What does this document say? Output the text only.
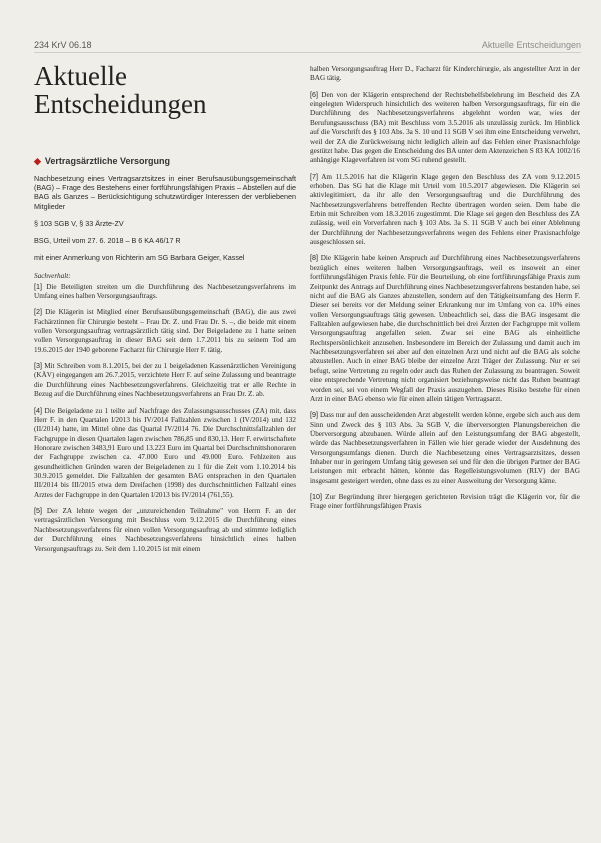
234 KrV 06.18	Aktuelle Entscheidungen
Aktuelle
Entscheidungen
◆ Vertragsärztliche Versorgung

Nachbesetzung eines Vertragsarztsitzes in einer Berufsausübungsgemeinschaft (BAG) – Frage des Bestehens einer fortführungsfähigen Praxis – Abstellen auf die BAG als Ganzes – Berücksichtigung schutzwürdiger Interessen der verbliebenen Mitglieder

§ 103 SGB V, § 33 Ärzte-ZV

BSG, Urteil vom 27. 6. 2018 – B 6 KA 46/17 R

mit einer Anmerkung von Richterin am SG Barbara Geiger, Kassel

Sachverhalt:

[1] Die Beteiligten streiten um die Durchführung des Nachbesetzungsverfahrens im Umfang eines halben Versorgungsauftrags.

[2] Die Klägerin ist Mitglied einer Berufsausübungsgemeinschaft (BAG), die aus zwei Fachärztinnen für Chirurgie besteht – Frau Dr. Z. und Frau Dr. S. –, die beide mit einem vollen Versorgungsauftrag vertragsärztlich tätig sind. Der Beigeladene zu 1 hatte seinen vollen Versorgungsauftrag in dieser BAG seit dem 1.7.2011 bis zu seinem Tod am 19.6.2015 der 1940 geborene Facharzt für Chirurgie Herr F. tätig.

[3] Mit Schreiben vom 8.1.2015, bei der zu 1 beigeladenen Kassenärztlichen Vereinigung (KÄV) eingegangen am 26.7.2015, verzichtete Herr F. auf seine Zulassung und beantragte die Durchführung eines Nachbesetzungsverfahrens. Gleichzeitig trat er alle Rechte in Bezug auf die Durchführung eines Nachbesetzungsverfahrens an Frau Dr. Z. ab.

[4] Die Beigeladene zu 1 teilte auf Nachfrage des Zulassungsausschusses (ZA) mit, dass Herr F. in den Quartalen I/2013 bis IV/2014 Fallzahlen zwischen 1 (IV/2014) und 132 (II/2014) hatte, im Mittel ohne das Quartal IV/2014 76. Die Durchschnittsfallzahlen der Fachgruppe in diesen Quartalen lagen zwischen 786,85 und 830,13. Herr F. erwirtschaftete Honorare zwischen 3483,91 Euro und 13.223 Euro im Quartal bei Durchschnittshonoraren der Fachgruppe zwischen ca. 47.000 Euro und 49.000 Euro. Fehlzeiten aus gesundheitlichen Gründen waren der Beigeladenen zu 1 für die Zeit vom 1.10.2014 bis 30.9.2015 gemeldet. Die Fallzahlen der gesamten BAG entsprachen in den Quartalen III/2014 bis III/2015 etwa dem Dreifachen (1998) des durchschnittlichen Fallzahl eines Arztes der Fachgruppe in den Quartalen I/2013 bis IV/2014 (761,55).

[5] Der ZA lehnte wegen der „unzureichenden Teilnahme" von Herrn F. an der vertragsärztlichen Versorgung mit Beschluss vom 9.12.2015 die Durchführung eines Nachbesetzungsverfahrens für einen vollen Versorgungsauftrag ab und stimmte lediglich der Durchführung eines Nachbesetzungsverfahrens hinsichtlich eines halben Versorgungsauftrags zu. Seit dem 1.10.2015 ist mit einem

halben Versorgungsauftrag Herr D., Facharzt für Kinderchirurgie, als angestellter Arzt in der BAG tätig.

[6] Den von der Klägerin entsprechend der Rechtsbehelfsbelehrung im Bescheid des ZA eingelegten Widerspruch hinsichtlich des weiteren halben Versorgungsauftrags, für ein die Durchführung des Nachbesetzungsverfahrens abgelehnt worden war, wies der Berufungsausschuss (BA) mit Beschluss vom 3.5.2016 als unzulässig zurück. Im Hinblick auf die Vorschrift des § 103 Abs. 3a S. 10 und 11 SGB V sei ihm eine Entscheidung verwehrt, weil der ZA die Zurückweisung nicht lediglich allein auf das Fehlen einer Praxisnachfolge gestützt habe. Das gegen die Entscheidung des BA unter dem Aktenzeichen S 83 KA 1002/16 anhängige Klageverfahren ist vom SG ruhend gestellt.

[7] Am 11.5.2016 hat die Klägerin Klage gegen den Beschluss des ZA vom 9.12.2015 erhoben. Das SG hat die Klage mit Urteil vom 10.5.2017 abgewiesen. Die Klägerin sei aktivlegitimiert, da ihr alle den Versorgungsauftrag und die Durchführung des Nachbesetzungsverfahrens betreffenden Rechte übertragen worden seien. Dem habe die Erbin mit Schreiben vom 18.3.2016 zugestimmt. Die Klage sei gegen den Beschluss des ZA zulässig, weil ein Vorverfahren nach § 103 Abs. 3a S. 11 SGB V auch bei einer Ablehnung der Durchführung der Nachbesetzungsverfahrens wegen des Fehlens einer Praxisnachfolge ausgeschlossen sei.

[8] Die Klägerin habe keinen Anspruch auf Durchführung eines Nachbesetzungsverfahrens bezüglich eines weiteren halben Versorgungsauftrags, weil es insoweit an einer fortführungsfähigen Praxis fehle. Für die Beurteilung, ob eine fortführungsfähige Praxis zum Zeitpunkt des Antrags auf Durchführung eines Nachbesetzungsverfahrens bestanden habe, sei nicht auf die BAG als Ganzes abzustellen, sondern auf den Tätigkeitsumfang des Herrn F. Dieser sei bereits vor der Meldung seiner Erkrankung nur im Umfang von ca. 10% eines vollen Versorgungsauftrags tätig gewesen. Unbeachtlich sei, dass die BAG insgesamt die Fallzahlen aufgewiesen habe, die durchschnittlich bei drei Ärzten der Fachgruppe mit vollem Versorgungsauftrag angefallen seien. Zwar sei eine BAG als einheitliche Rechtspersönlichkeit anzusehen. Insbesondere im Bereich der Zulassung und damit auch im Nachbesetzungsverfahren sei aber auf den einzelnen Arzt und nicht auf die BAG als solche abzustellen. Auch in einer BAG bleibe der einzelne Arzt Träger der Zulassung. Nur er sei befugt, seine Vertretung zu regeln oder auch das Ruhen der Zulassung zu beantragen. Soweit eine entsprechende Vertretung nicht organisiert beziehungsweise nicht das Ruhen beantragt worden sei, sei von einem Wegfall der Praxis auszugehen. Dieses Risiko bestehe für einen Arzt in einer BAG ebenso wie für einen allein tätigen Vertragsarzt.

[9] Dass nur auf den ausscheidenden Arzt abgestellt werden könne, ergebe sich auch aus dem Sinn und Zweck des § 103 Abs. 3a SGB V, die überversorgten Planungsbereichen die Überversorgung abzubauen. Würde allein auf den Leistungsumfang der BAG abgestellt, würde das Nachbesetzungsverfahren in Fällen wie hier gerade wieder der Ausdehnung des Versorgungsumfangs dienen. Durch die Nachbesetzung eines Vertragsarztsitzes, dessen Inhaber nur in geringem Umfang tätig gewesen sei und für den die übrigen Partner der BAG Leistungen mit erbracht hätten, könnte das Regelleistungsvolumen (RLV) der BAG insgesamt gesteigert werden, ohne dass es zu einer Ausweitung der Versorgung käme.

[10] Zur Begründung ihrer hiergegen gerichteten Revision trägt die Klägerin vor, für die Frage einer fortführungsfähigen Praxis
